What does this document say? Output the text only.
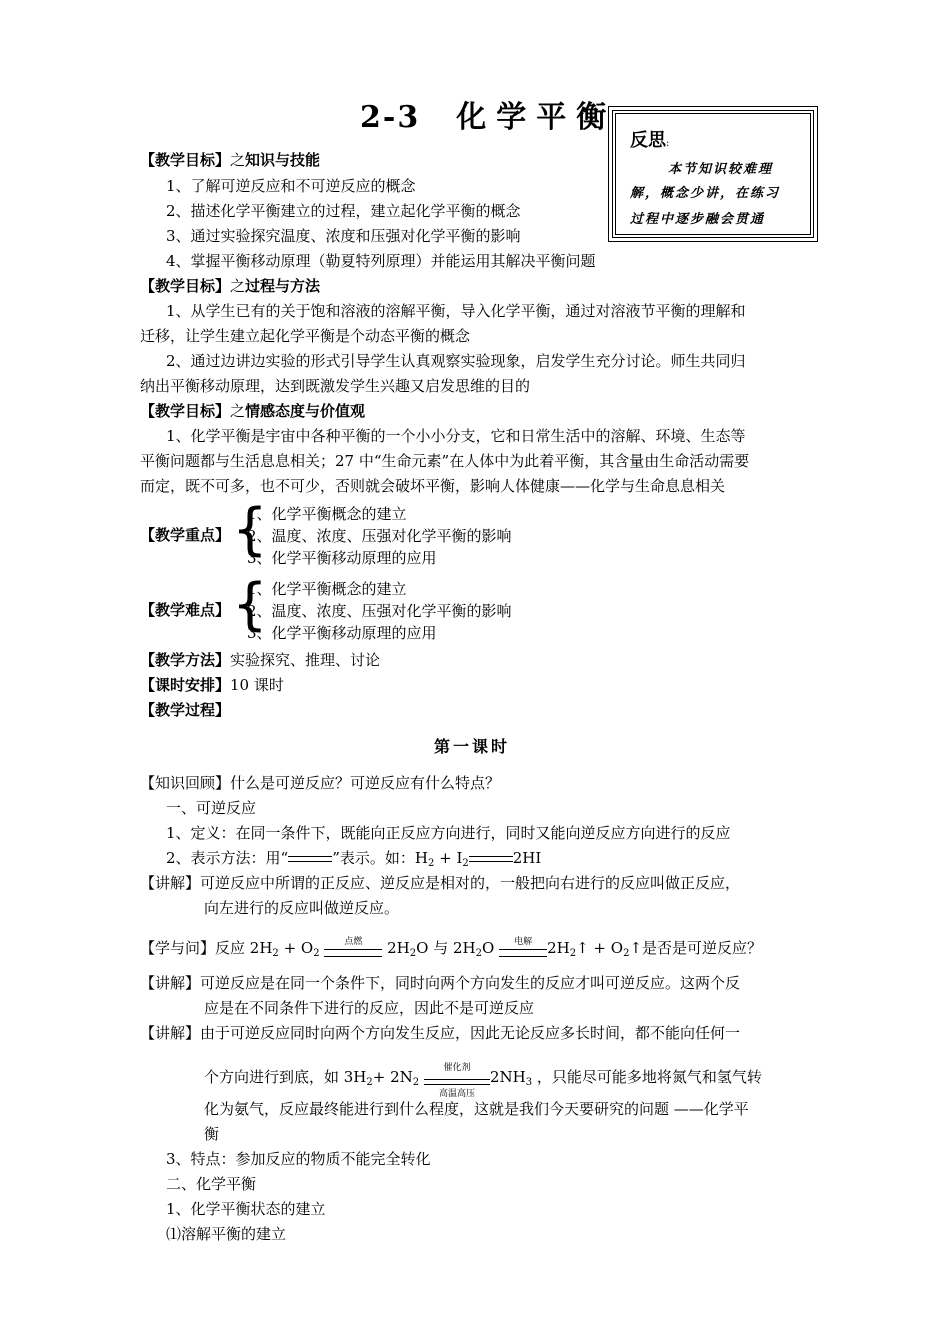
2-3 化学平衡
反思:
本节知识较难理
解，概念少讲，在练习
过程中逐步融会贯通
【教学目标】之知识与技能
1、了解可逆反应和不可逆反应的概念
2、描述化学平衡建立的过程，建立起化学平衡的概念
3、通过实验探究温度、浓度和压强对化学平衡的影响
4、掌握平衡移动原理（勒夏特列原理）并能运用其解决平衡问题
【教学目标】之过程与方法
1、从学生已有的关于饱和溶液的溶解平衡，导入化学平衡，通过对溶液节平衡的理解和
迁移，让学生建立起化学平衡是个动态平衡的概念
2、通过边讲边实验的形式引导学生认真观察实验现象，启发学生充分讨论。师生共同归
纳出平衡移动原理，达到既激发学生兴趣又启发思维的目的
【教学目标】之情感态度与价值观
1、化学平衡是宇宙中各种平衡的一个小小分支，它和日常生活中的溶解、环境、生态等
平衡问题都与生活息息相关；27 中“生命元素”在人体中为此着平衡，其含量由生命活动需要
而定，既不可多，也不可少，否则就会破坏平衡，影响人体健康——化学与生命息息相关
【教学重点】 {
1、化学平衡概念的建立
2、温度、浓度、压强对化学平衡的影响
3、化学平衡移动原理的应用
【教学难点】 {
1、化学平衡概念的建立
2、温度、浓度、压强对化学平衡的影响
3、化学平衡移动原理的应用
【教学方法】实验探究、推理、讨论
【课时安排】10 课时
【教学过程】
第一课时
【知识回顾】什么是可逆反应？可逆反应有什么特点？
一、可逆反应
1、定义：在同一条件下，既能向正反应方向进行，同时又能向逆反应方向进行的反应
2、表示方法：用“	”表示。如：$H_2 + I_2$	2HI
【讲解】可逆反应中所谓的正反应、逆反应是相对的，一般把向右进行的反应叫做正反应，
向左进行的反应叫做逆反应。
【学与问】反应 $2H_2 + O_2$
点燃	$2H_2O$ 与 $2H_2O$	电解	$2H_2↑$ + $O_2↑$是否是可逆反应？
【讲解】可逆反应是在同一个条件下，同时向两个方向发生的反应才叫可逆反应。这两个反
应是在不同条件下进行的反应，因此不是可逆反应
【讲解】由于可逆反应同时向两个方向发生反应，因此无论反应多长时间，都不能向任何一
个方向进行到底，如 $3H_2+ 2N_2$
催化剂
高温高压
$2NH_3$ ，只能尽可能多地将氮气和氢气转
化为氨气，反应最终能进行到什么程度，这就是我们今天要研究的问题 ——化学平
衡
3、特点：参加反应的物质不能完全转化
二、化学平衡
1、化学平衡状态的建立
⑴溶解平衡的建立
